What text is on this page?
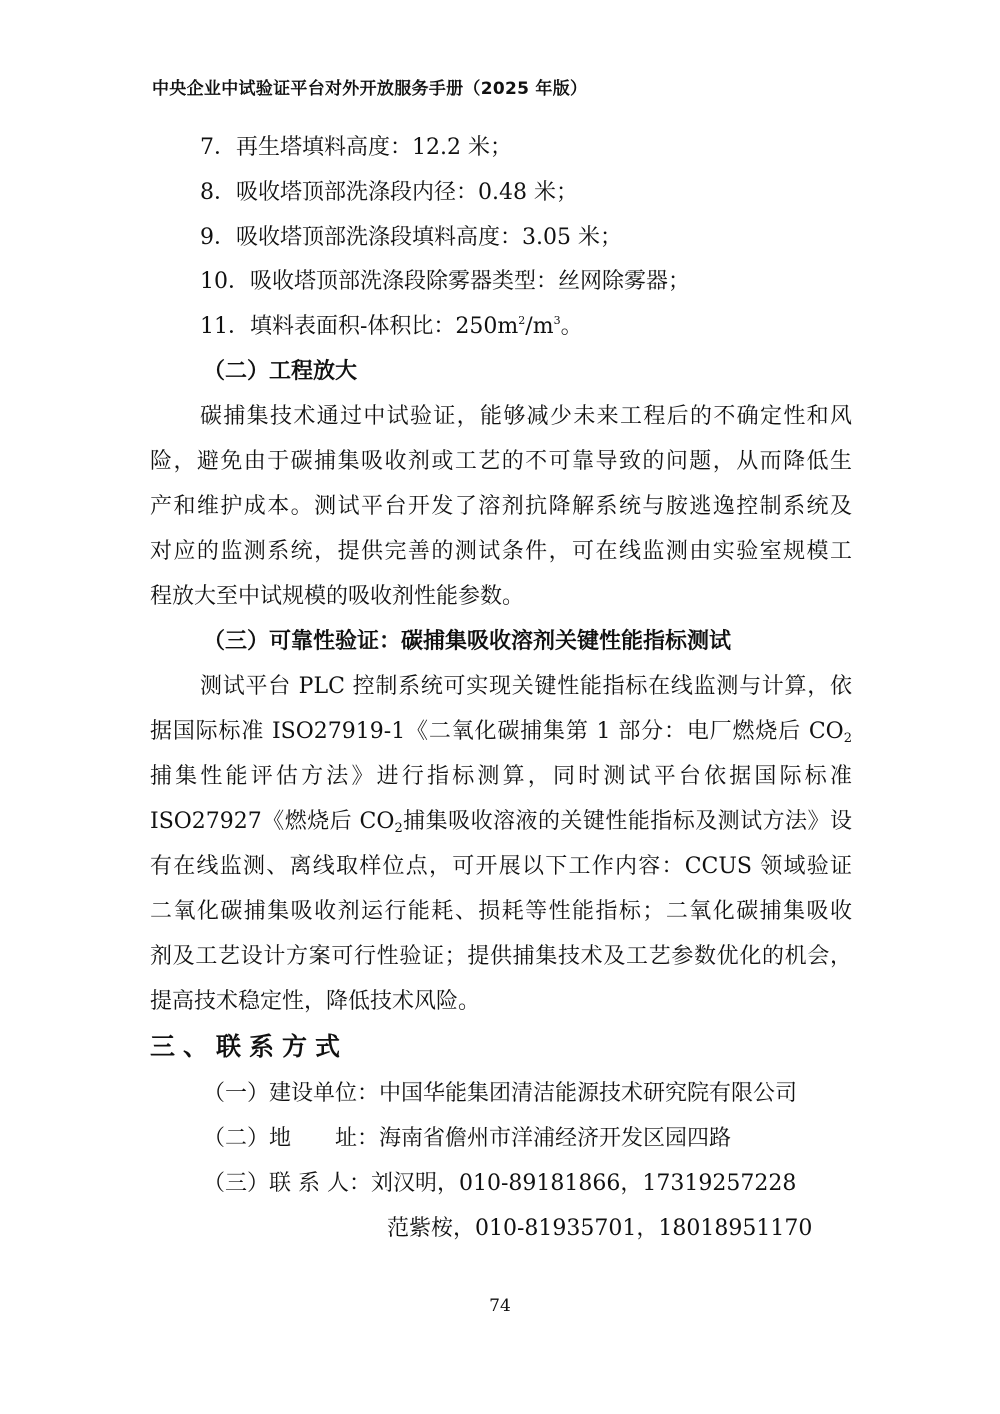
中央企业中试验证平台对外开放服务手册（2025 年版）
7．再生塔填料高度：12.2 米；
8．吸收塔顶部洗涤段内径：0.48 米；
9．吸收塔顶部洗涤段填料高度：3.05 米；
10．吸收塔顶部洗涤段除雾器类型：丝网除雾器；
11．填料表面积-体积比：$250m^2/m^3$。
（二）工程放大
碳捕集技术通过中试验证，能够减少未来工程后的不确定性和风
险，避免由于碳捕集吸收剂或工艺的不可靠导致的问题，从而降低生
产和维护成本。测试平台开发了溶剂抗降解系统与胺逃逸控制系统及
对应的监测系统，提供完善的测试条件，可在线监测由实验室规模工
程放大至中试规模的吸收剂性能参数。
（三）可靠性验证：碳捕集吸收溶剂关键性能指标测试
测试平台 PLC 控制系统可实现关键性能指标在线监测与计算，依
据国际标准 ISO27919-1《二氧化碳捕集第 1 部分：电厂燃烧后 $CO_2$
捕集性能评估方法》进行指标测算，同时测试平台依据国际标准
ISO27927《燃烧后 $CO_2$捕集吸收溶液的关键性能指标及测试方法》设
有在线监测、离线取样位点，可开展以下工作内容：CCUS 领域验证
二氧化碳捕集吸收剂运行能耗、损耗等性能指标；二氧化碳捕集吸收
剂及工艺设计方案可行性验证；提供捕集技术及工艺参数优化的机会，
提高技术稳定性，降低技术风险。
三、联系方式
（一）建设单位：中国华能集团清洁能源技术研究院有限公司
（二）地　　址：海南省儋州市洋浦经济开发区园四路
（三）联 系 人：刘汉明，010-89181866，17319257228
范紫桉，010-81935701，18018951170
74
